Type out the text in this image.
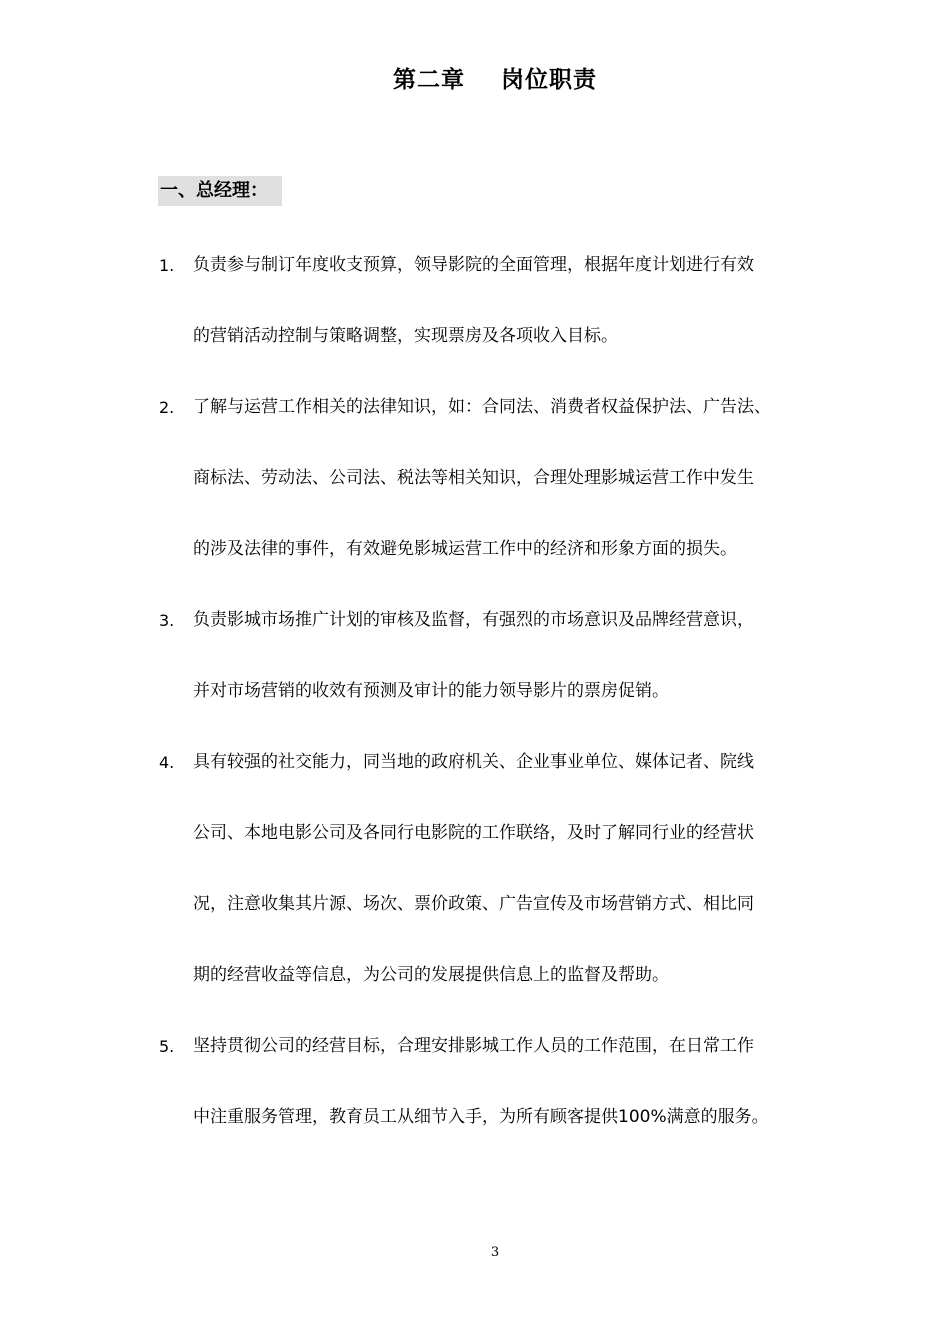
第二章    岗位职责
一、总经理：
1. 负责参与制订年度收支预算，领导影院的全面管理，根据年度计划进行有效
的营销活动控制与策略调整，实现票房及各项收入目标。
2. 了解与运营工作相关的法律知识，如：合同法、消费者权益保护法、广告法、
商标法、劳动法、公司法、税法等相关知识，合理处理影城运营工作中发生
的涉及法律的事件，有效避免影城运营工作中的经济和形象方面的损失。
3. 负责影城市场推广计划的审核及监督，有强烈的市场意识及品牌经营意识，
并对市场营销的收效有预测及审计的能力领导影片的票房促销。
4. 具有较强的社交能力，同当地的政府机关、企业事业单位、媒体记者、院线
公司、本地电影公司及各同行电影院的工作联络，及时了解同行业的经营状
况，注意收集其片源、场次、票价政策、广告宣传及市场营销方式、相比同
期的经营收益等信息，为公司的发展提供信息上的监督及帮助。
5. 坚持贯彻公司的经营目标，合理安排影城工作人员的工作范围，在日常工作
中注重服务管理，教育员工从细节入手，为所有顾客提供100%满意的服务。
3
